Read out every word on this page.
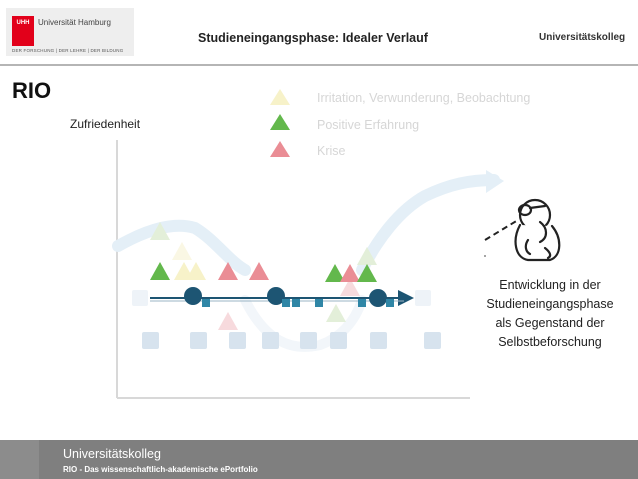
UHH	Universität Hamburg
DER FORSCHUNG | DER LEHRE | DER BILDUNG
Studieneingangsphase: Idealer Verlauf	Universitätskolleg
RIO
Zufriedenheit
Irritation, Verwunderung, Beobachtung
Positive Erfahrung
Krise
Entwicklung in der
Studieneingangsphase
als Gegenstand der
Selbstbeforschung
Universitätskolleg
RIO - Das wissenschaftlich-akademische ePortfolio
